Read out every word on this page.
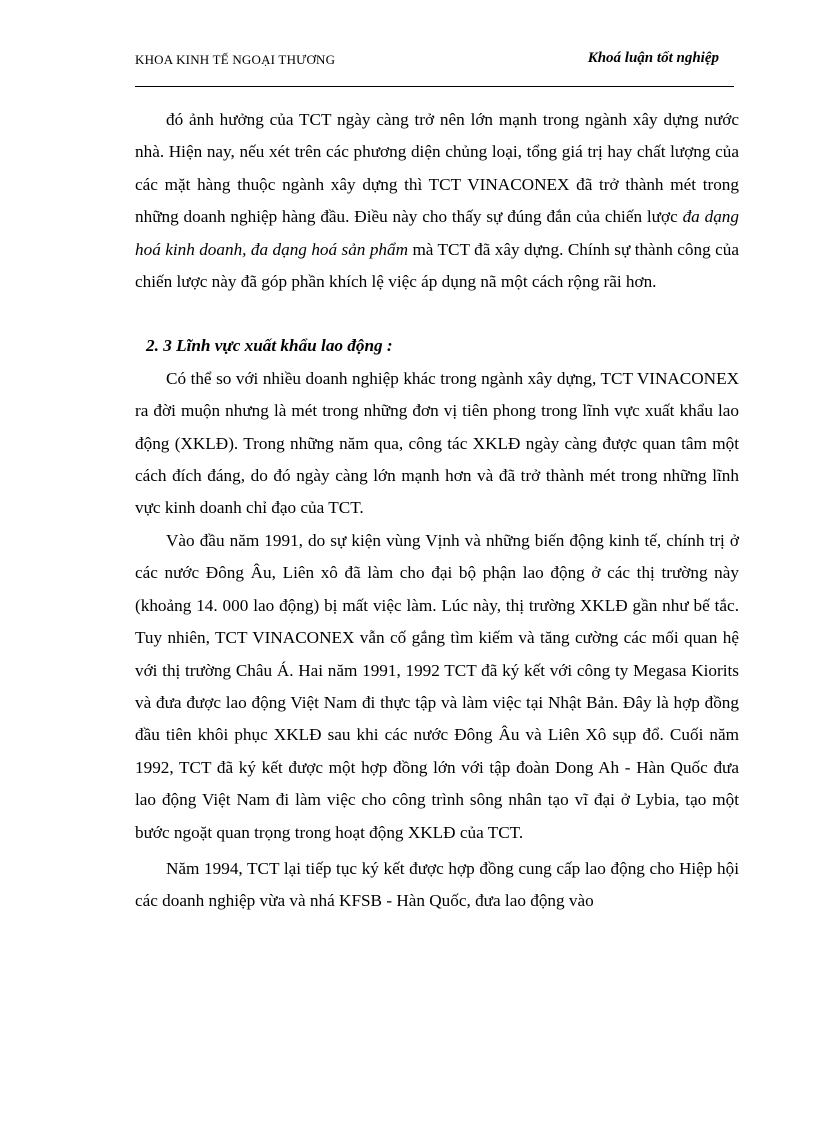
KHOA KINH TẾ NGOẠI THƯƠNG	Khoá luận tốt nghiệp

đó ảnh hưởng của TCT ngày càng trở nên lớn mạnh trong ngành xây dựng nước nhà. Hiện nay, nếu xét trên các phương diện chủng loại, tổng giá trị hay chất lượng của các mặt hàng thuộc ngành xây dựng thì TCT VINACONEX đã trở thành mét trong những doanh nghiệp hàng đầu. Điều này cho thấy sự đúng đắn của chiến lược đa dạng hoá kinh doanh, đa dạng hoá sản phẩm mà TCT đã xây dựng. Chính sự thành công của chiến lược này đã góp phần khích lệ việc áp dụng nã một cách rộng rãi hơn.

2. 3 Lĩnh vực xuất khẩu lao động :

Có thể so với nhiều doanh nghiệp khác trong ngành xây dựng, TCT VINACONEX ra đời muộn nhưng là mét trong những đơn vị tiên phong trong lĩnh vực xuất khẩu lao động (XKLĐ). Trong những năm qua, công tác XKLĐ ngày càng được quan tâm một cách đích đáng, do đó ngày càng lớn mạnh hơn và đã trở thành mét trong những lĩnh vực kinh doanh chỉ đạo của TCT.

Vào đầu năm 1991, do sự kiện vùng Vịnh và những biến động kinh tế, chính trị ở các nước Đông Âu, Liên xô đã làm cho đại bộ phận lao động ở các thị trường này (khoảng 14. 000 lao động) bị mất việc làm. Lúc này, thị trường XKLĐ gần như bế tắc. Tuy nhiên, TCT VINACONEX vẫn cố gắng tìm kiếm và tăng cường các mối quan hệ với thị trường Châu Á. Hai năm 1991, 1992 TCT đã ký kết với công ty Megasa Kiorits và đưa được lao động Việt Nam đi thực tập và làm việc tại Nhật Bản. Đây là hợp đồng đầu tiên khôi phục XKLĐ sau khi các nước Đông Âu và Liên Xô sụp đổ. Cuối năm 1992, TCT đã ký kết được một hợp đồng lớn với tập đoàn Dong Ah - Hàn Quốc đưa lao động Việt Nam đi làm việc cho công trình sông nhân tạo vĩ đại ở Lybia, tạo một bước ngoặt quan trọng trong hoạt động XKLĐ của TCT.

Năm 1994, TCT lại tiếp tục ký kết được hợp đồng cung cấp lao động cho Hiệp hội các doanh nghiệp vừa và nhá KFSB - Hàn Quốc, đưa lao động vào
